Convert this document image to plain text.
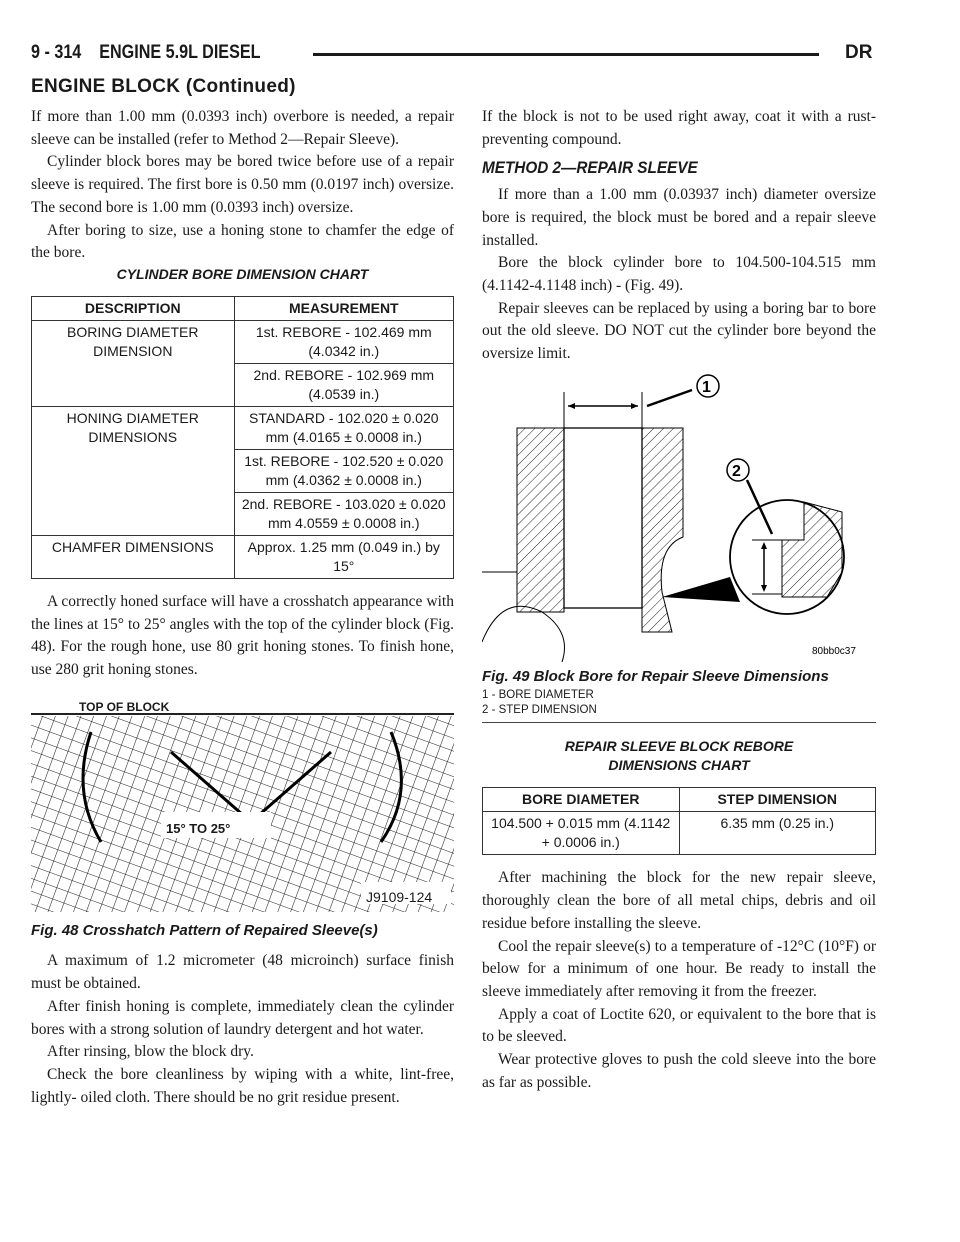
9 - 314 ENGINE 5.9L DIESEL	DR
ENGINE BLOCK (Continued)

If more than 1.00 mm (0.0393 inch) overbore is needed, a repair sleeve can be installed (refer to Method 2—Repair Sleeve).

Cylinder block bores may be bored twice before use of a repair sleeve is required. The first bore is 0.50 mm (0.0197 inch) oversize. The second bore is 1.00 mm (0.0393 inch) oversize.

After boring to size, use a honing stone to chamfer the edge of the bore.

CYLINDER BORE DIMENSION CHART
DESCRIPTION	MEASUREMENT
BORING DIAMETER DIMENSION	1st. REBORE - 102.469 mm (4.0342 in.)
	2nd. REBORE - 102.969 mm (4.0539 in.)
HONING DIAMETER DIMENSIONS	STANDARD - 102.020 ± 0.020 mm (4.0165 ± 0.0008 in.)
	1st. REBORE - 102.520 ± 0.020 mm (4.0362 ± 0.0008 in.)
	2nd. REBORE - 103.020 ± 0.020 mm 4.0559 ± 0.0008 in.)
CHAMFER DIMENSIONS	Approx. 1.25 mm (0.049 in.) by 15°

A correctly honed surface will have a crosshatch appearance with the lines at 15° to 25° angles with the top of the cylinder block (Fig. 48). For the rough hone, use 80 grit honing stones. To finish hone, use 280 grit honing stones.

TOP OF BLOCK
15° TO 25°
J9109-124
Fig. 48 Crosshatch Pattern of Repaired Sleeve(s)

A maximum of 1.2 micrometer (48 microinch) surface finish must be obtained.

After finish honing is complete, immediately clean the cylinder bores with a strong solution of laundry detergent and hot water.

After rinsing, blow the block dry.

Check the bore cleanliness by wiping with a white, lint-free, lightly- oiled cloth. There should be no grit residue present.

If the block is not to be used right away, coat it with a rust- preventing compound.

METHOD 2—REPAIR SLEEVE

If more than a 1.00 mm (0.03937 inch) diameter oversize bore is required, the block must be bored and a repair sleeve installed.

Bore the block cylinder bore to 104.500-104.515 mm (4.1142-4.1148 inch) - (Fig. 49).

Repair sleeves can be replaced by using a boring bar to bore out the old sleeve. DO NOT cut the cylinder bore beyond the oversize limit.

1
2
80bb0c37
Fig. 49 Block Bore for Repair Sleeve Dimensions
1 - BORE DIAMETER
2 - STEP DIMENSION
REPAIR SLEEVE BLOCK REBORE
DIMENSIONS CHART
BORE DIAMETER	STEP DIMENSION
104.500 + 0.015 mm (4.1142 + 0.0006 in.)	6.35 mm (0.25 in.)

After machining the block for the new repair sleeve, thoroughly clean the bore of all metal chips, debris and oil residue before installing the sleeve.

Cool the repair sleeve(s) to a temperature of -12°C (10°F) or below for a minimum of one hour. Be ready to install the sleeve immediately after removing it from the freezer.

Apply a coat of Loctite 620, or equivalent to the bore that is to be sleeved.

Wear protective gloves to push the cold sleeve into the bore as far as possible.
